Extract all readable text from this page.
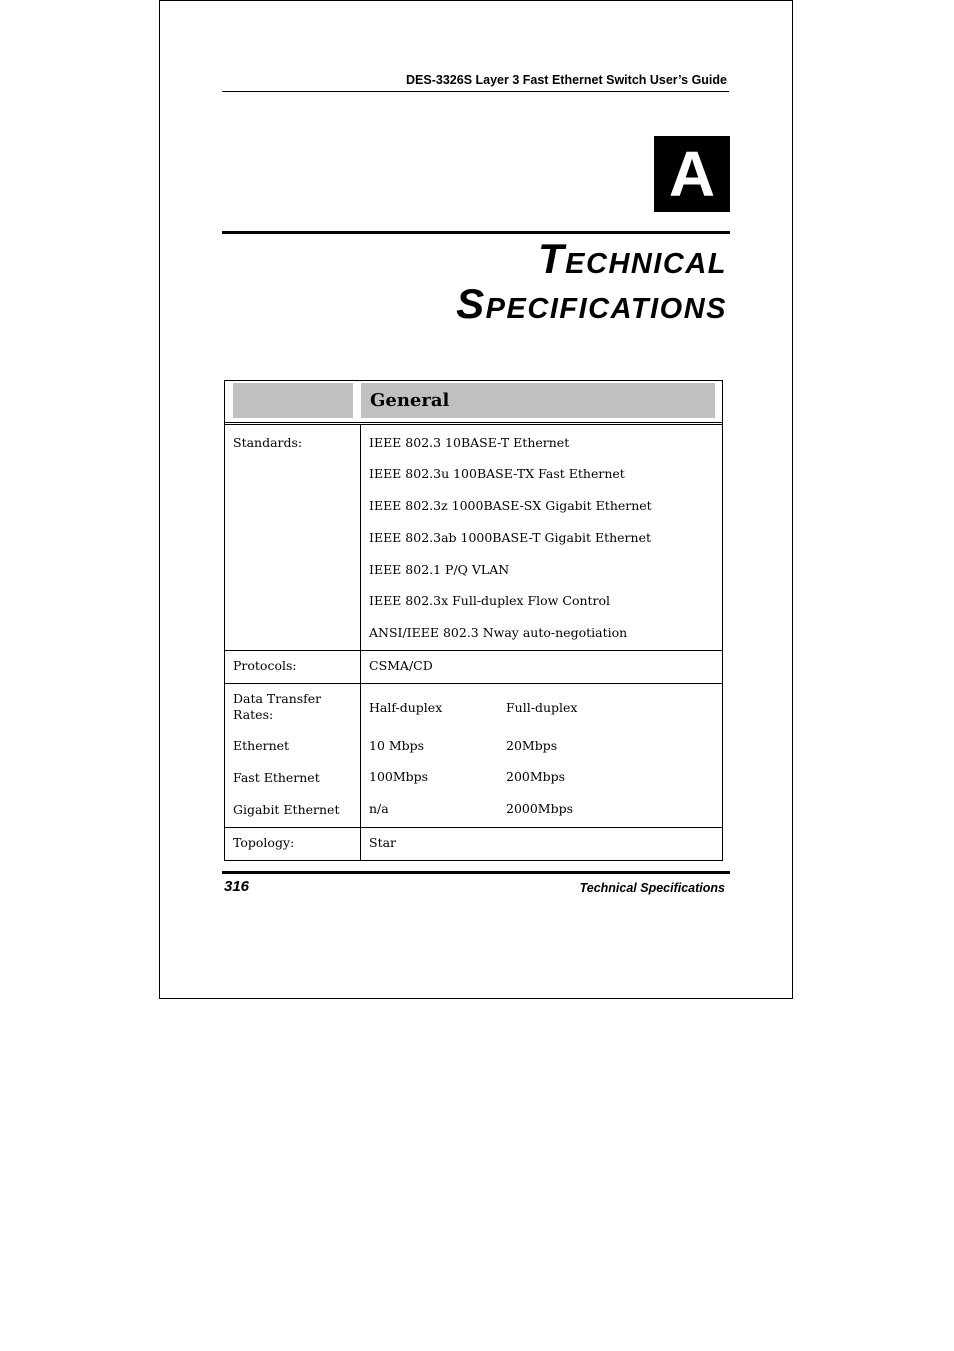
DES-3326S Layer 3 Fast Ethernet Switch User’s Guide
A
Technical
Specifications
General
Standards:	IEEE 802.3 10BASE-T Ethernet
IEEE 802.3u 100BASE-TX Fast Ethernet
IEEE 802.3z 1000BASE-SX Gigabit Ethernet
IEEE 802.3ab 1000BASE-T Gigabit Ethernet
IEEE 802.1 P/Q VLAN
IEEE 802.3x Full-duplex Flow Control
ANSI/IEEE 802.3 Nway auto-negotiation
Protocols:	CSMA/CD
Data Transfer Rates:	Half-duplex	Full-duplex
Ethernet	10 Mbps	20Mbps
Fast Ethernet	100Mbps	200Mbps
Gigabit Ethernet n/a	2000Mbps
Topology:	Star
316	Technical Specifications
